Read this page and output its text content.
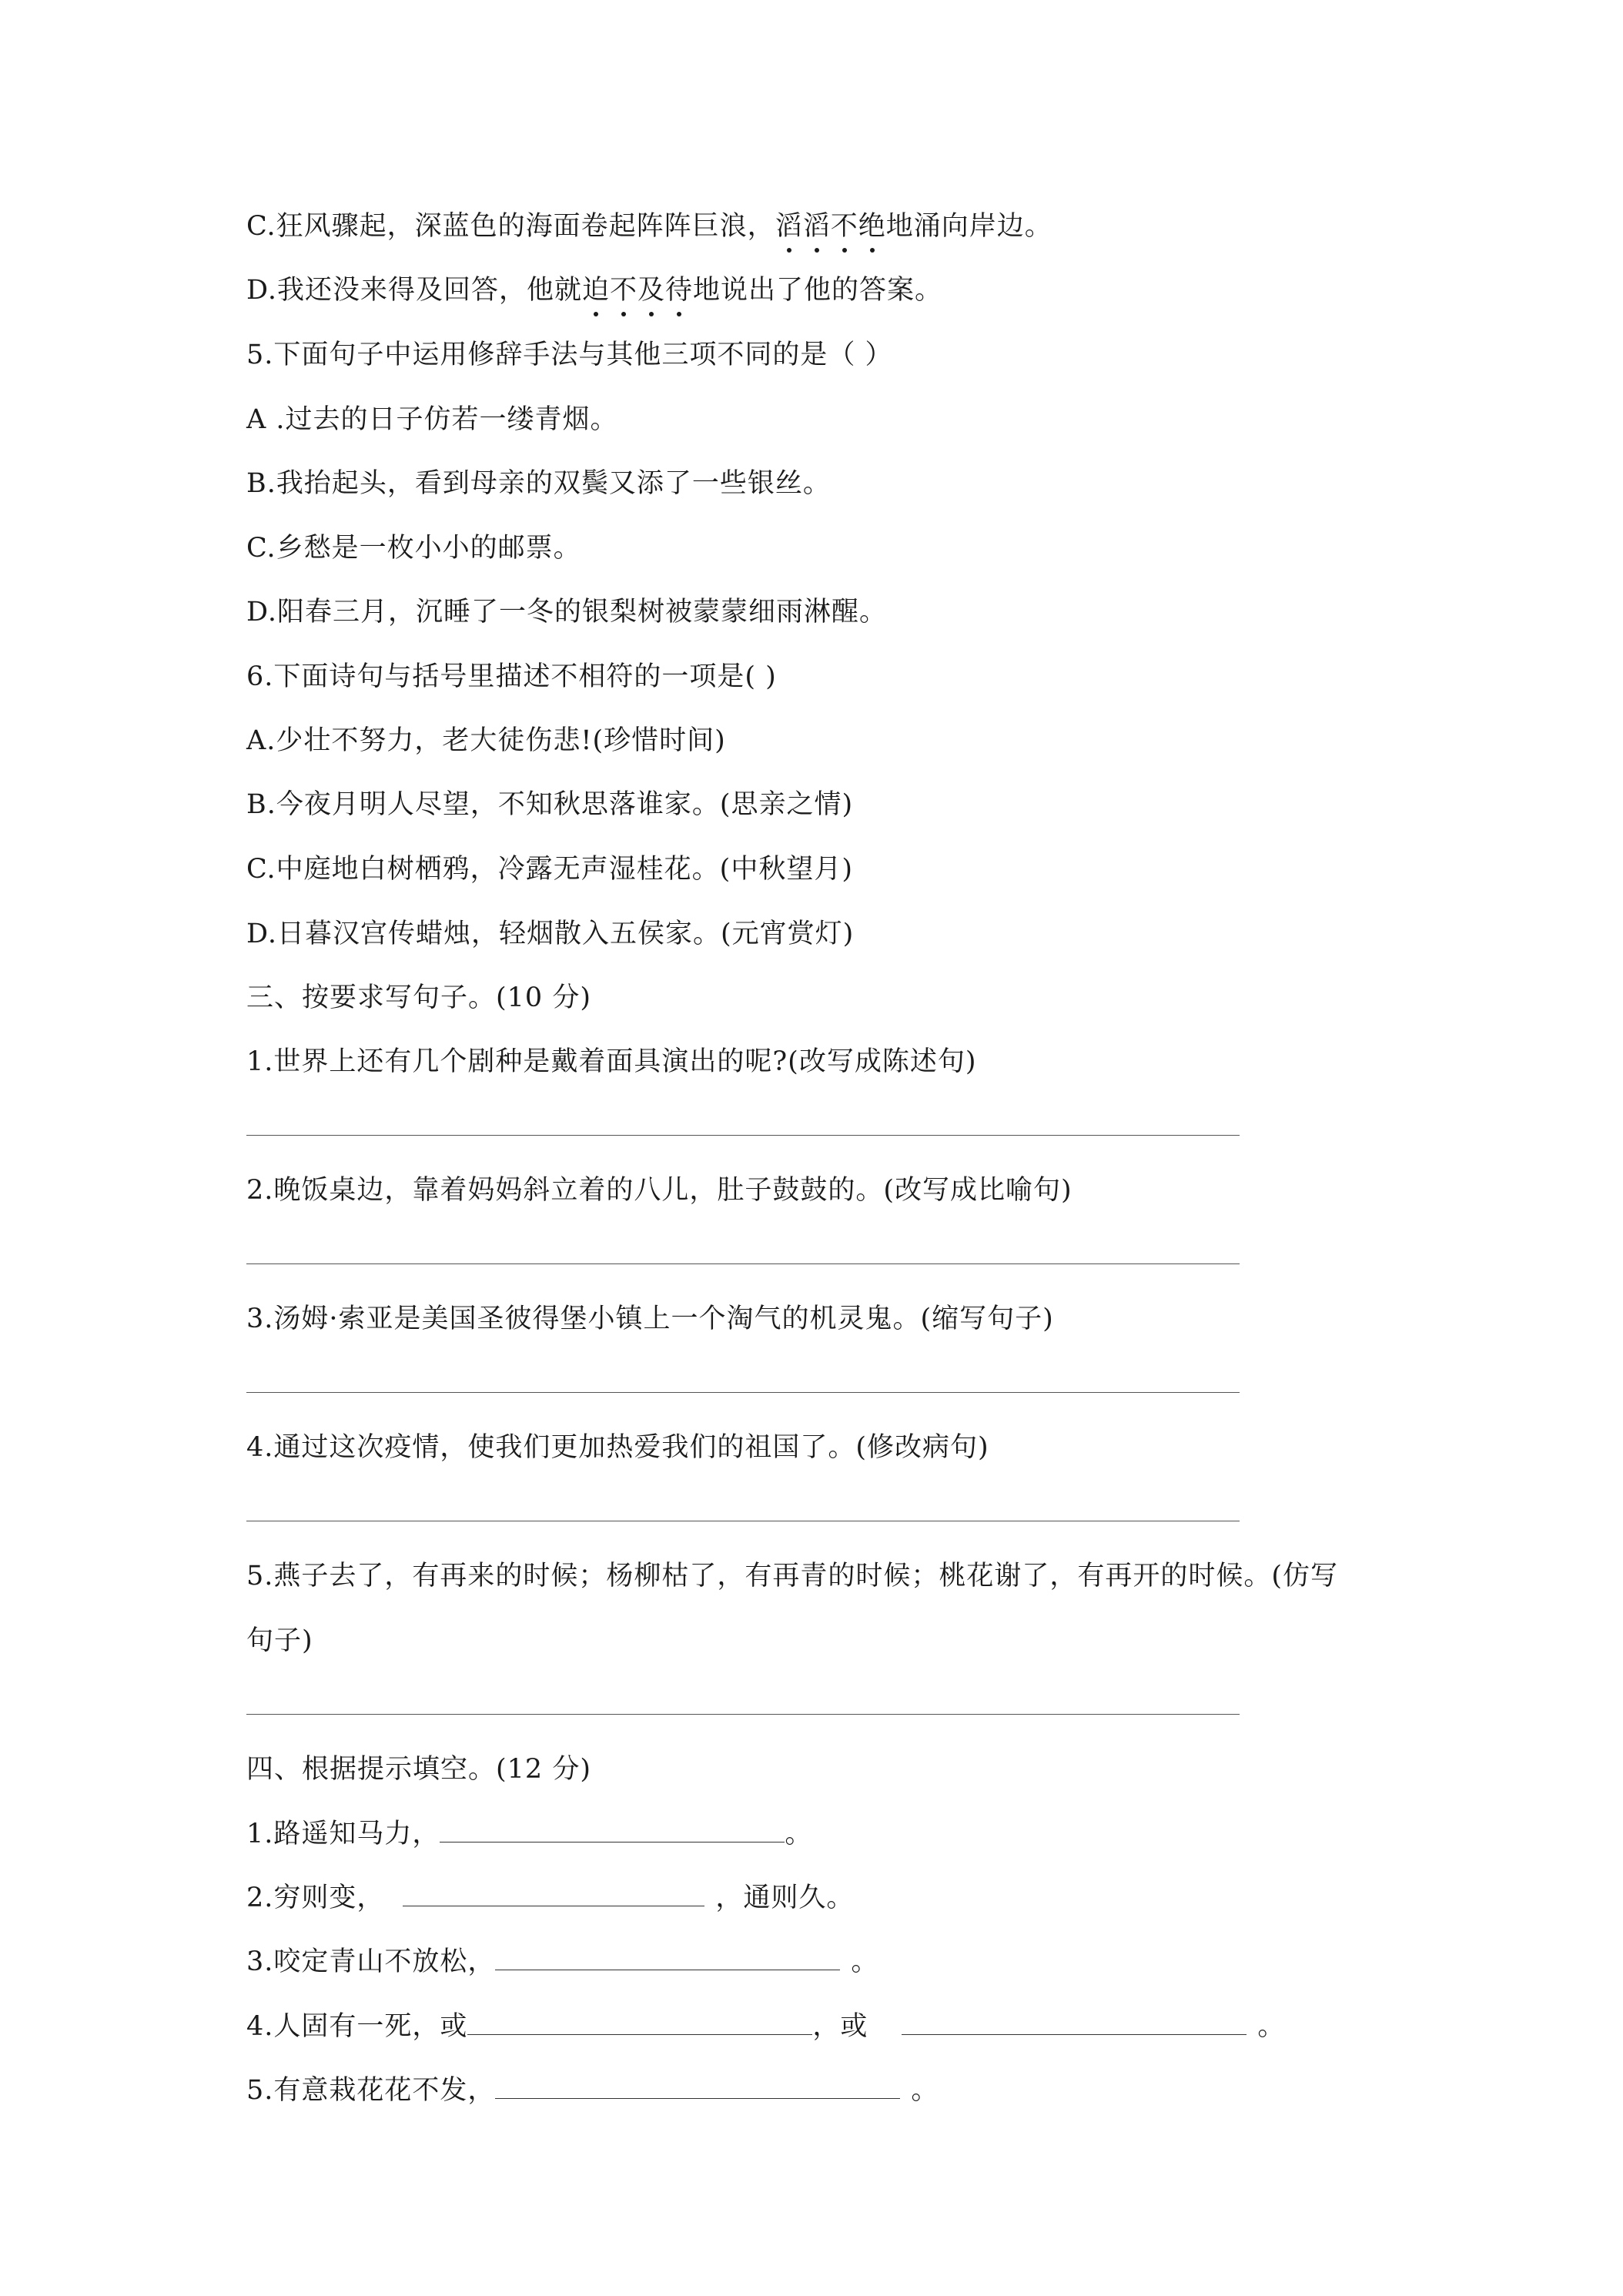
C.狂风骤起，深蓝色的海面卷起阵阵巨浪，滔滔不绝地涌向岸边。
D.我还没来得及回答，他就迫不及待地说出了他的答案。
5.下面句子中运用修辞手法与其他三项不同的是（ ）
A .过去的日子仿若一缕青烟。
B.我抬起头，看到母亲的双鬓又添了一些银丝。
C.乡愁是一枚小小的邮票。
D.阳春三月，沉睡了一冬的银梨树被蒙蒙细雨淋醒。
6.下面诗句与括号里描述不相符的一项是( )
A.少壮不努力，老大徒伤悲!(珍惜时间)
B.今夜月明人尽望，不知秋思落谁家。(思亲之情)
C.中庭地白树栖鸦，冷露无声湿桂花。(中秋望月)
D.日暮汉宫传蜡烛，轻烟散入五侯家。(元宵赏灯)
三、按要求写句子。(10 分)
1.世界上还有几个剧种是戴着面具演出的呢?(改写成陈述句)
2.晚饭桌边，靠着妈妈斜立着的八儿，肚子鼓鼓的。(改写成比喻句)
3.汤姆·索亚是美国圣彼得堡小镇上一个淘气的机灵鬼。(缩写句子)
4.通过这次疫情，使我们更加热爱我们的祖国了。(修改病句)
5.燕子去了，有再来的时候；杨柳枯了，有再青的时候；桃花谢了，有再开的时候。(仿写
句子)
四、根据提示填空。(12 分)
1.路遥知马力，	。
2.穷则变，	，通则久。
3.咬定青山不放松，	。
4.人固有一死，或	，或	。
5.有意栽花花不发，	。
